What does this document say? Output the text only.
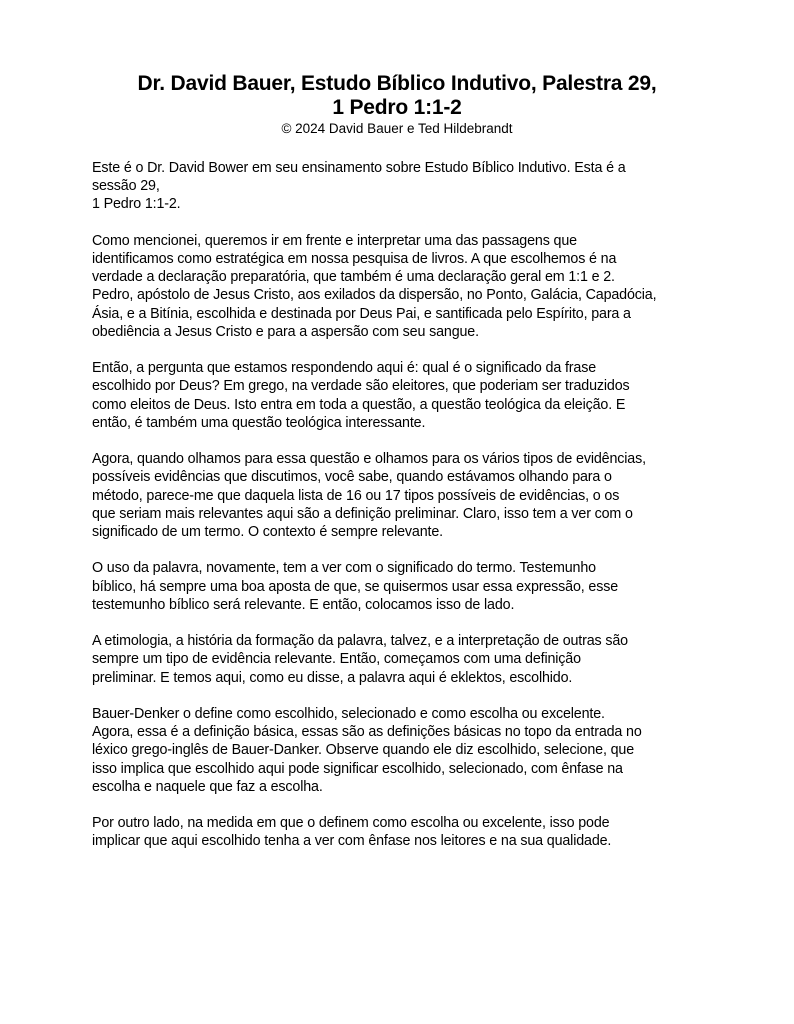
Dr. David Bauer, Estudo Bíblico Indutivo, Palestra 29,
1 Pedro 1:1-2

© 2024 David Bauer e Ted Hildebrandt

Este é o Dr. David Bower em seu ensinamento sobre Estudo Bíblico Indutivo. Esta é a
sessão 29,
1 Pedro 1:1-2.

Como mencionei, queremos ir em frente e interpretar uma das passagens que
identificamos como estratégica em nossa pesquisa de livros. A que escolhemos é na
verdade a declaração preparatória, que também é uma declaração geral em 1:1 e 2.
Pedro, apóstolo de Jesus Cristo, aos exilados da dispersão, no Ponto, Galácia, Capadócia,
Ásia, e a Bitínia, escolhida e destinada por Deus Pai, e santificada pelo Espírito, para a
obediência a Jesus Cristo e para a aspersão com seu sangue.

Então, a pergunta que estamos respondendo aqui é: qual é o significado da frase
escolhido por Deus? Em grego, na verdade são eleitores, que poderiam ser traduzidos
como eleitos de Deus. Isto entra em toda a questão, a questão teológica da eleição. E
então, é também uma questão teológica interessante.

Agora, quando olhamos para essa questão e olhamos para os vários tipos de evidências,
possíveis evidências que discutimos, você sabe, quando estávamos olhando para o
método, parece-me que daquela lista de 16 ou 17 tipos possíveis de evidências, o os
que seriam mais relevantes aqui são a definição preliminar. Claro, isso tem a ver com o
significado de um termo. O contexto é sempre relevante.

O uso da palavra, novamente, tem a ver com o significado do termo. Testemunho
bíblico, há sempre uma boa aposta de que, se quisermos usar essa expressão, esse
testemunho bíblico será relevante. E então, colocamos isso de lado.

A etimologia, a história da formação da palavra, talvez, e a interpretação de outras são
sempre um tipo de evidência relevante. Então, começamos com uma definição
preliminar. E temos aqui, como eu disse, a palavra aqui é eklektos, escolhido.

Bauer-Denker o define como escolhido, selecionado e como escolha ou excelente.
Agora, essa é a definição básica, essas são as definições básicas no topo da entrada no
léxico grego-inglês de Bauer-Danker. Observe quando ele diz escolhido, selecione, que
isso implica que escolhido aqui pode significar escolhido, selecionado, com ênfase na
escolha e naquele que faz a escolha.

Por outro lado, na medida em que o definem como escolha ou excelente, isso pode
implicar que aqui escolhido tenha a ver com ênfase nos leitores e na sua qualidade.
